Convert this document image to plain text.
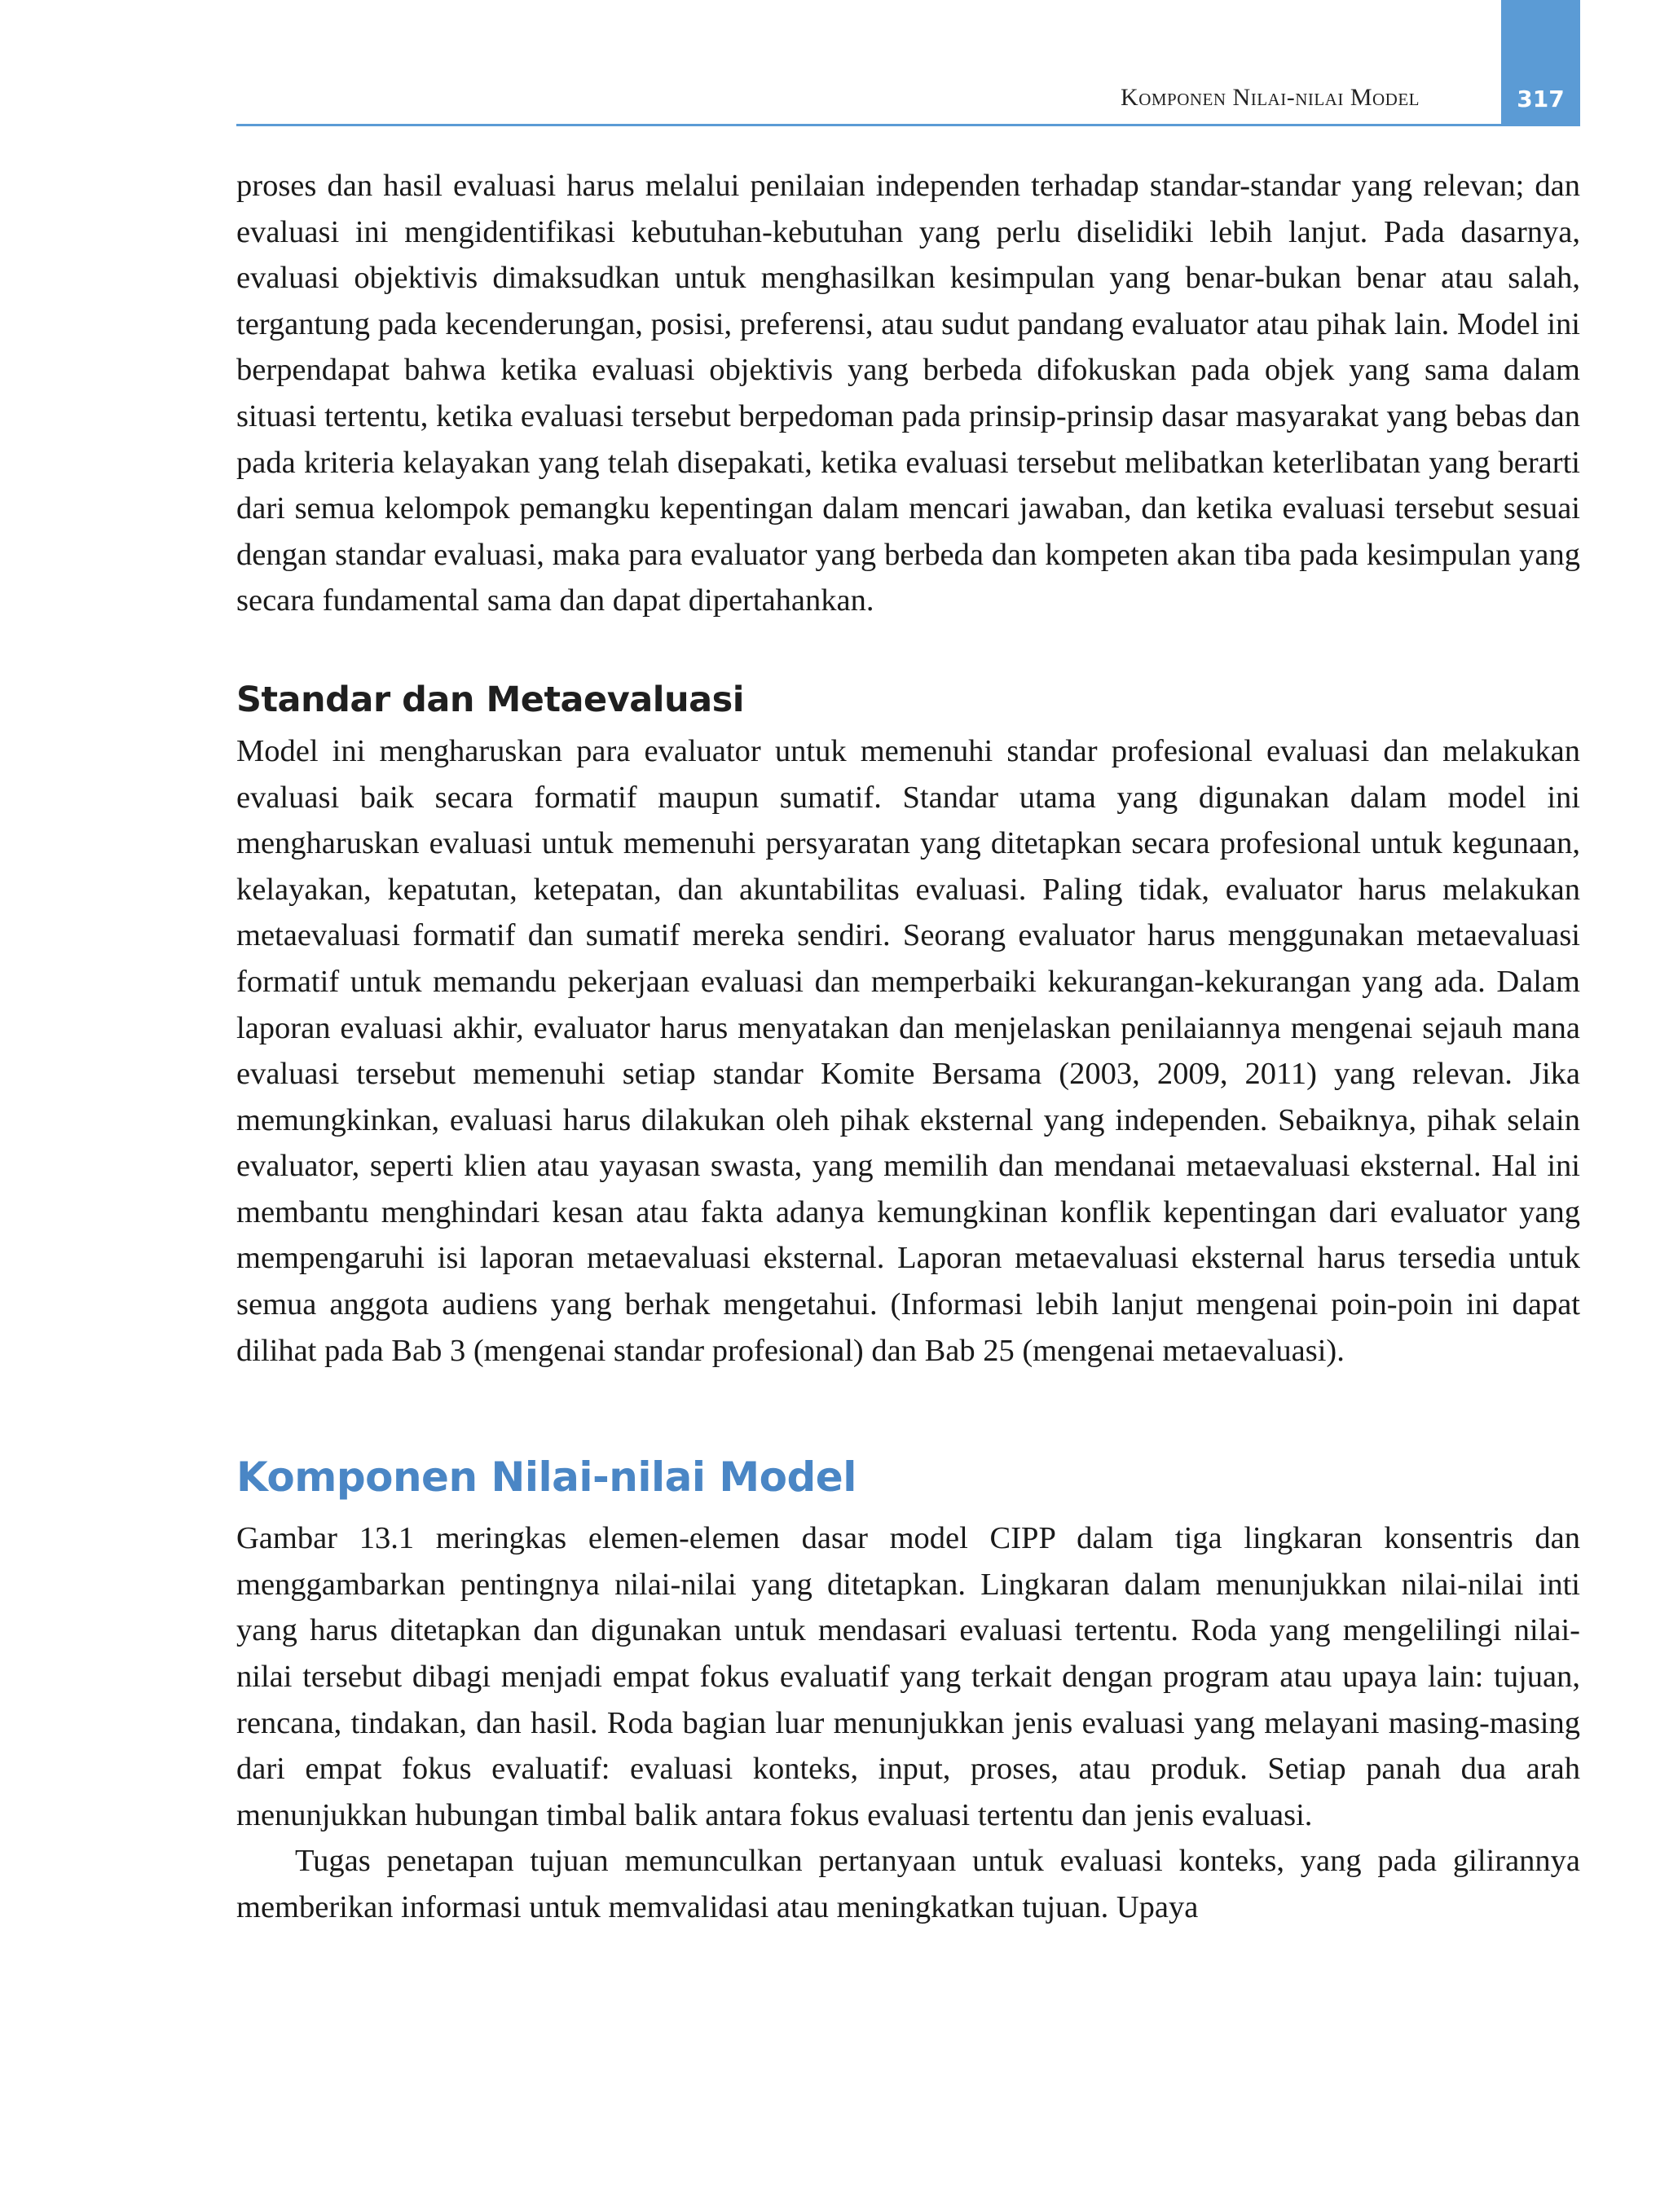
317
Komponen Nilai-nilai Model

proses dan hasil evaluasi harus melalui penilaian independen terhadap standar-standar yang relevan; dan evaluasi ini mengidentifikasi kebutuhan-kebutuhan yang perlu diselidiki lebih lanjut. Pada dasarnya, evaluasi objektivis dimaksudkan untuk menghasilkan kesimpulan yang benar-bukan benar atau salah, tergantung pada kecenderungan, posisi, preferensi, atau sudut pandang evaluator atau pihak lain. Model ini berpendapat bahwa ketika evaluasi objektivis yang berbeda difokuskan pada objek yang sama dalam situasi tertentu, ketika evaluasi tersebut berpedoman pada prinsip-prinsip dasar masyarakat yang bebas dan pada kriteria kelayakan yang telah disepakati, ketika evaluasi tersebut melibatkan keterlibatan yang berarti dari semua kelompok pemangku kepentingan dalam mencari jawaban, dan ketika evaluasi tersebut sesuai dengan standar evaluasi, maka para evaluator yang berbeda dan kompeten akan tiba pada kesimpulan yang secara fundamental sama dan dapat dipertahankan.

Standar dan Metaevaluasi

Model ini mengharuskan para evaluator untuk memenuhi standar profesional evaluasi dan melakukan evaluasi baik secara formatif maupun sumatif. Standar utama yang digunakan dalam model ini mengharuskan evaluasi untuk memenuhi persyaratan yang ditetapkan secara profesional untuk kegunaan, kelayakan, kepatutan, ketepatan, dan akuntabilitas evaluasi. Paling tidak, evaluator harus melakukan metaevaluasi formatif dan sumatif mereka sendiri. Seorang evaluator harus menggunakan metaevaluasi formatif untuk memandu pekerjaan evaluasi dan memperbaiki kekurangan-kekurangan yang ada. Dalam laporan evaluasi akhir, evaluator harus menyatakan dan menjelaskan penilaiannya mengenai sejauh mana evaluasi tersebut memenuhi setiap standar Komite Bersama (2003, 2009, 2011) yang relevan. Jika memungkinkan, evaluasi harus dilakukan oleh pihak eksternal yang independen. Sebaiknya, pihak selain evaluator, seperti klien atau yayasan swasta, yang memilih dan mendanai metaevaluasi eksternal. Hal ini membantu menghindari kesan atau fakta adanya kemungkinan konflik kepentingan dari evaluator yang mempengaruhi isi laporan metaevaluasi eksternal. Laporan metaevaluasi eksternal harus tersedia untuk semua anggota audiens yang berhak mengetahui. (Informasi lebih lanjut mengenai poin-poin ini dapat dilihat pada Bab 3 (mengenai standar profesional) dan Bab 25 (mengenai metaevaluasi).

Komponen Nilai-nilai Model

Gambar 13.1 meringkas elemen-elemen dasar model CIPP dalam tiga lingkaran konsentris dan menggambarkan pentingnya nilai-nilai yang ditetapkan. Lingkaran dalam menunjukkan nilai-nilai inti yang harus ditetapkan dan digunakan untuk mendasari evaluasi tertentu. Roda yang mengelilingi nilai-nilai tersebut dibagi menjadi empat fokus evaluatif yang terkait dengan program atau upaya lain: tujuan, rencana, tindakan, dan hasil. Roda bagian luar menunjukkan jenis evaluasi yang melayani masing-masing dari empat fokus evaluatif: evaluasi konteks, input, proses, atau produk. Setiap panah dua arah menunjukkan hubungan timbal balik antara fokus evaluasi tertentu dan jenis evaluasi.

Tugas penetapan tujuan memunculkan pertanyaan untuk evaluasi konteks, yang pada gilirannya memberikan informasi untuk memvalidasi atau meningkatkan tujuan. Upaya
